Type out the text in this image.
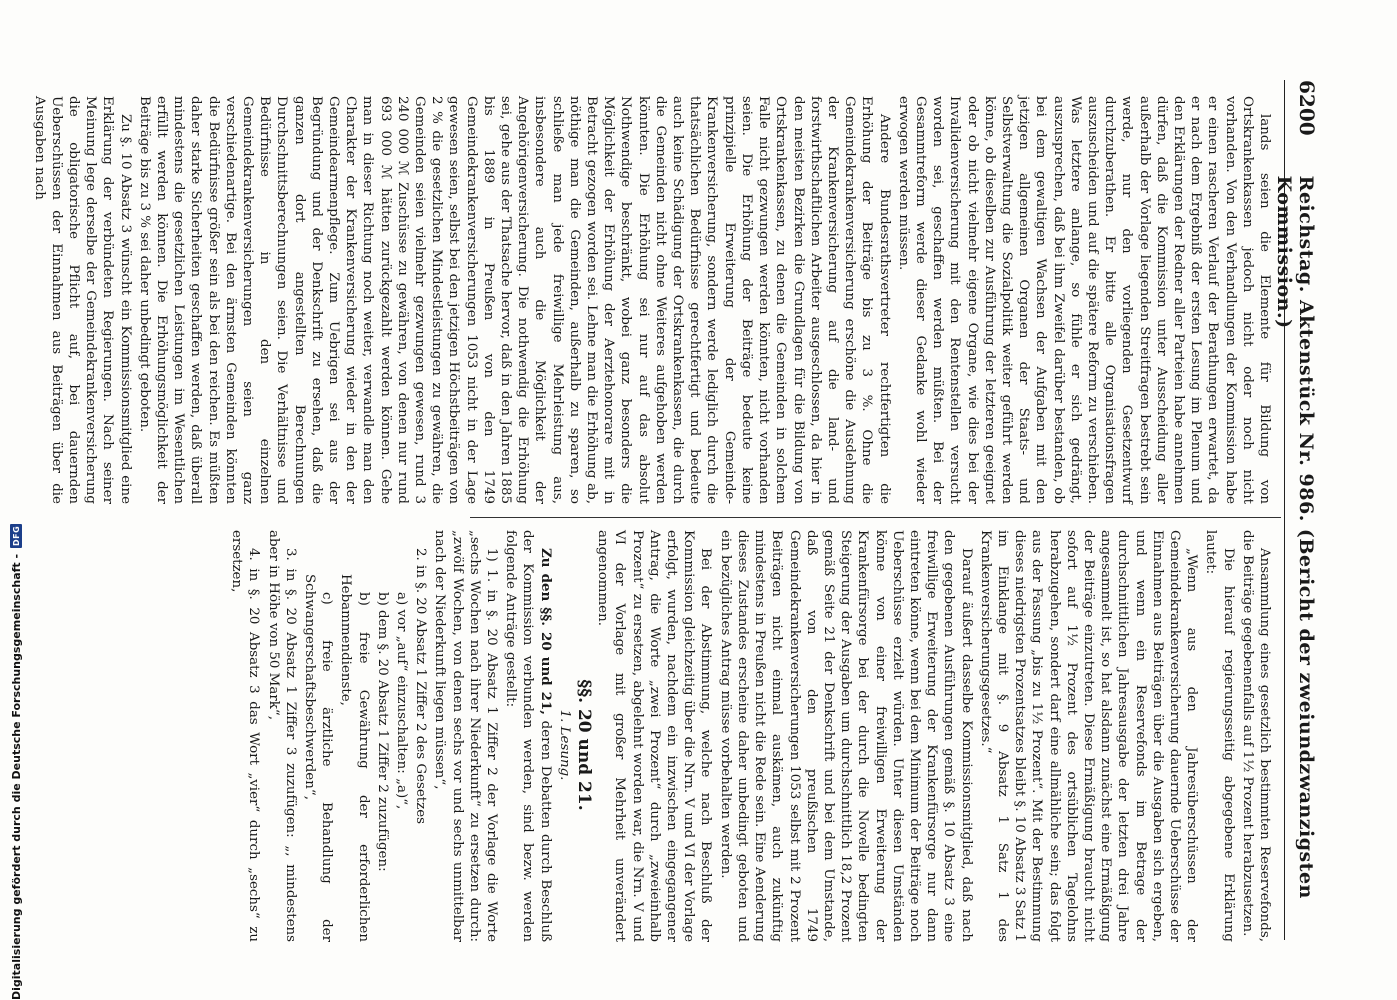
6200
Reichstag. Aktenstück Nr. 986. (Bericht der zweiundzwanzigsten Kommission.)

lands seien die Elemente für Bildung von Ortskrankenkassen jedoch nicht oder noch nicht vorhanden. Von den Verhandlungen der Kommission habe er einen rascheren Verlauf der Berathungen erwartet, da er nach dem Ergebniß der ersten Lesung im Plenum und den Erklärungen der Redner aller Parteien habe annehmen dürfen, daß die Kommission unter Ausscheidung aller außerhalb der Vorlage liegenden Streitfragen bestrebt sein werde, nur den vorliegenden Gesetzentwurf durchzuberathen. Er bitte alle Organisationsfragen auszuscheiden und auf die spätere Reform zu verschieben. Was letztere anlange, so fühle er sich gedrängt, auszusprechen, daß bei ihm Zweifel darüber bestanden, ob bei dem gewaltigen Wachsen der Aufgaben mit den jetzigen allgemeinen Organen der Staats- und Selbstverwaltung die Sozialpolitik weiter geführt werden könne, ob dieselben zur Ausführung der letzteren geeignet oder ob nicht vielmehr eigene Organe, wie dies bei der Invalidenversicherung mit den Rentenstellen versucht worden sei, geschaffen werden müßten. Bei der Gesammtreform werde dieser Gedanke wohl wieder erwogen werden müssen.

Andere Bundesrathsvertreter rechtfertigten die Erhöhung der Beiträge bis zu 3 %. Ohne die Gemeindekrankenversicherung erschöne die Ausdehnung der Krankenversicherung auf die land- und forstwirthschaftlichen Arbeiter ausgeschlossen, da hier in den meisten Bezirken die Grundlagen für die Bildung von Ortskrankenkassen, zu denen die Gemeinden in solchem Falle nicht gezwungen werden könnten, nicht vorhanden seien. Die Erhöhung der Beiträge bedeute keine prinzipielle Erweiterung der Gemeinde-Krankenversicherung, sondern werde lediglich durch die thatsächlichen Bedürfnisse gerechtfertigt und bedeute auch keine Schädigung der Ortskrankenkassen, die durch die Gemeinden nicht ohne Weiteres aufgehoben werden könnten. Die Erhöhung sei nur auf das absolut Nothwendige beschränkt, wobei ganz besonders die Möglichkeit der Erhöhung der Aerztehonorare mit in Betracht gezogen worden sei. Lehne man die Erhöhung ab, nöthige man die Gemeinden, außerhalb zu sparen, so schließe man jede freiwillige Mehrleistung aus, insbesondere auch die Möglichkeit der Angehörigenversicherung. Die nothwendig die Erhöhung sei, gehe aus der Thatsache hervor, daß in den Jahren 1885 bis 1889 in Preußen von den 1749 Gemeindekrankenversicherungen 1053 nicht in der Lage gewesen seien, selbst bei den jetzigen Höchstbeiträgen von 2 % die gesetzlichen Mindestleistungen zu gewähren, die Gemeinden seien vielmehr gezwungen gewesen, rund 3 240 000 ℳ Zuschüsse zu gewähren, von denen nur rund 693 000 ℳ hätten zurückgezahlt werden können. Gehe man in dieser Richtung noch weiter, verwandle man den Charakter der Krankenversicherung wieder in den der Gemeindearmenpflege. Zum Uebrigen sei aus der Begründung und der Denkschrift zu ersehen, daß die ganzen dort angestellten Berechnungen Durchschnittsberechnungen seien. Die Verhältnisse und Bedürfnisse in den einzelnen Gemeindekrankenversicherungen seien ganz verschiedenartige. Bei den ärmsten Gemeinden könnten die Bedürfnisse größer sein als bei den reichen. Es müßten daher starke Sicherheiten geschaffen werden, daß überall mindestens die gesetzlichen Leistungen im Wesentlichen erfüllt werden können. Die Erhöhungsmöglichkeit der Beiträge bis zu 3 % sei daher unbedingt geboten.

Zu §. 10 Absatz 3 wünscht ein Kommissionsmitglied eine Erklärung der verbündeten Regierungen. Nach seiner Meinung lege derselbe der Gemeindekrankenversicherung die obligatorische Pflicht auf, bei dauernden Ueberschüssen der Einnahmen aus Beiträgen über die Ausgaben nach

Ansammlung eines gesetzlich bestimmten Reservefonds, die Beiträge gegebenenfalls auf 1½ Prozent herabzusetzen.

Die hierauf regierungsseitig abgegebene Erklärung lautet:

„Wenn aus den Jahresüberschüssen der Gemeindekrankenversicherung dauernde Ueberschüsse der Einnahmen aus Beiträgen über die Ausgaben sich ergeben, und wenn ein Reservefonds im Betrage der durchschnittlichen Jahresausgabe der letzten drei Jahre angesammelt ist, so hat alsdann zunächst eine Ermäßigung der Beiträge einzutreten. Diese Ermäßigung braucht nicht sofort auf 1½ Prozent des ortsüblichen Tagelohns herabzugehen, sondert darf eine allmähliche sein; das folgt aus der Fassung „bis zu 1½ Prozent“. Mit der Bestimmung dieses niedrigsten Prozentsatzes bleibt §. 10 Absatz 3 Satz 1 im Einklange mit §. 9 Absatz 1 Satz 1 des Krankenversicherungsgesetzes.“

Darauf äußert dasselbe Kommissionsmitglied, daß nach den gegebenen Ausführungen gemäß §. 10 Absatz 3 eine freiwillige Erweiterung der Krankenfürsorge nur dann eintreten könne, wenn bei dem Minimum der Beiträge noch Ueberschüsse erzielt würden. Unter diesen Umständen könne von einer freiwilligen Erweiterung der Krankenfürsorge bei der durch die Novelle bedingten Steigerung der Ausgaben um durchschnittlich 18,2 Prozent gemäß Seite 21 der Denkschrift und bei dem Umstande, daß von den preußischen 1749 Gemeindekrankenversicherungen 1053 selbst mit 2 Prozent Beiträgen nicht einmal auskämen, auch zukünftig mindestens in Preußen nicht die Rede sein. Eine Aenderung dieses Zustandes erscheine daher unbedingt geboten und ein bezügliches Antrag müsse vorbehalten werden.

Bei der Abstimmung, welche nach Beschluß der Kommission gleichzeitig über die Nrn. V und VI der Vorlage erfolgt, wurden, nachdem ein inzwischen eingegangener Antrag, die Worte „zwei Prozent“ durch „zweieinhalb Prozent“ zu ersetzen, abgelehnt worden war, die Nrn. V und VI der Vorlage mit großer Mehrheit unverändert angenommen.

§§. 20 und 21.

1. Lesung.

Zu den §§. 20 und 21, deren Debatten durch Beschluß der Kommission verbunden werden, sind bezw. werden folgende Anträge gestellt:

1) 1. in §. 20 Absatz 1 Ziffer 2 der Vorlage die Worte „sechs Wochen nach ihrer Niederkunft“ zu ersetzen durch: „zwölf Wochen, von denen sechs vor und sechs unmittelbar nach der Niederkunft liegen müssen“,

2. in §. 20 Absatz 1 Ziffer 2 des Gesetzes

a) vor „auf“ einzuschalten: „a)“,

b) dem §. 20 Absatz 1 Ziffer 2 zuzufügen:

b) freie Gewährung der erforderlichen Hebammendienste,

c) freie ärztliche Behandlung der Schwangerschaftsbeschwerden“,

3. in §. 20 Absatz 1 Ziffer 3 zuzufügen: „, mindestens aber in Höhe von 50 Mark“,

4. in §. 20 Absatz 3 das Wort „vier“ durch „sechs“ zu ersetzen,

Digitalisierung gefördert durch die Deutsche Forschungsgemeinschaft -
DFG
